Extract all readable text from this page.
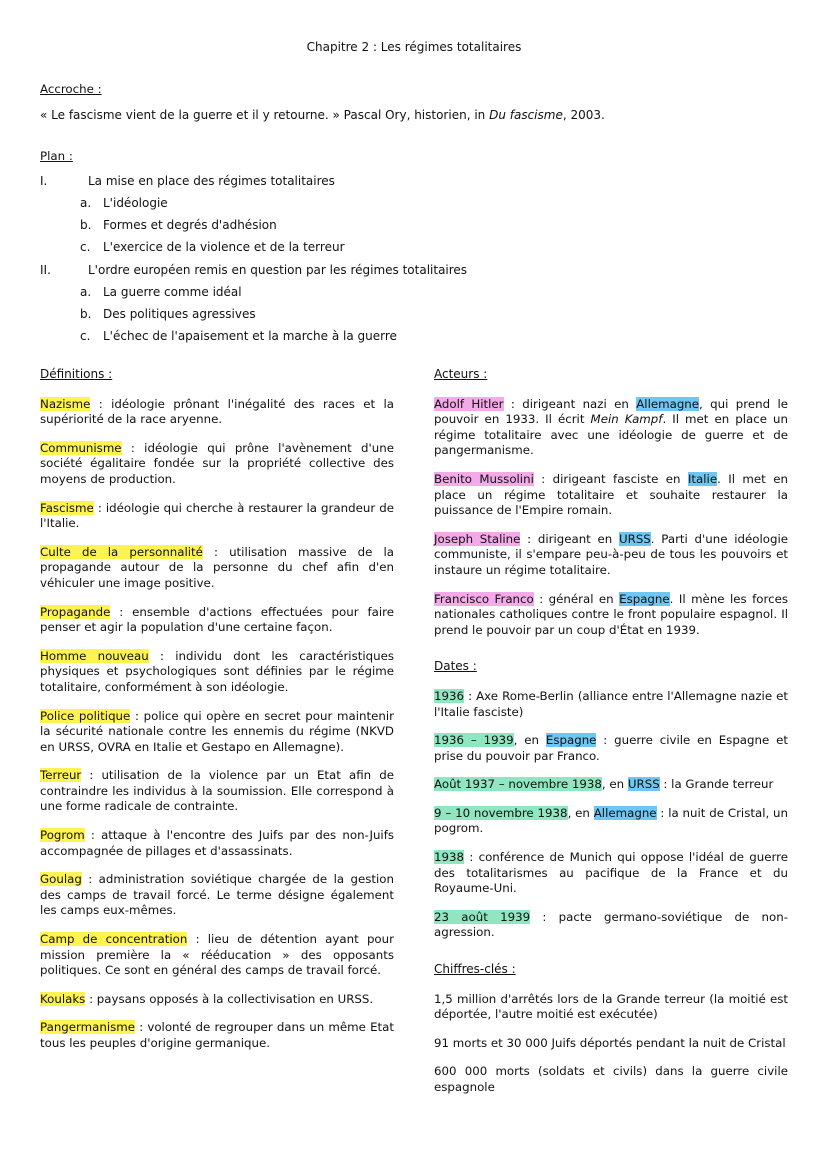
Chapitre 2 : Les régimes totalitaires
Accroche :
« Le fascisme vient de la guerre et il y retourne. » Pascal Ory, historien, in Du fascisme, 2003.
Plan :
I.	La mise en place des régimes totalitaires
a. L'idéologie
b. Formes et degrés d'adhésion
c. L'exercice de la violence et de la terreur
II.	L'ordre européen remis en question par les régimes totalitaires
a. La guerre comme idéal
b. Des politiques agressives
c. L'échec de l'apaisement et la marche à la guerre
Définitions :

Nazisme : idéologie prônant l'inégalité des races et la supériorité de la race aryenne.

Communisme : idéologie qui prône l'avènement d'une société égalitaire fondée sur la propriété collective des moyens de production.

Fascisme : idéologie qui cherche à restaurer la grandeur de l'Italie.

Culte de la personnalité : utilisation massive de la propagande autour de la personne du chef afin d'en véhiculer une image positive.

Propagande : ensemble d'actions effectuées pour faire penser et agir la population d'une certaine façon.

Homme nouveau : individu dont les caractéristiques physiques et psychologiques sont définies par le régime totalitaire, conformément à son idéologie.

Police politique : police qui opère en secret pour maintenir la sécurité nationale contre les ennemis du régime (NKVD en URSS, OVRA en Italie et Gestapo en Allemagne).

Terreur : utilisation de la violence par un Etat afin de contraindre les individus à la soumission. Elle correspond à une forme radicale de contrainte.

Pogrom : attaque à l'encontre des Juifs par des non-Juifs accompagnée de pillages et d'assassinats.

Goulag : administration soviétique chargée de la gestion des camps de travail forcé. Le terme désigne également les camps eux-mêmes.

Camp de concentration : lieu de détention ayant pour mission première la « rééducation » des opposants politiques. Ce sont en général des camps de travail forcé.

Koulaks : paysans opposés à la collectivisation en URSS.

Pangermanisme : volonté de regrouper dans un même Etat tous les peuples d'origine germanique.

Acteurs :

Adolf Hitler : dirigeant nazi en Allemagne, qui prend le pouvoir en 1933. Il écrit Mein Kampf. Il met en place un régime totalitaire avec une idéologie de guerre et de pangermanisme.

Benito Mussolini : dirigeant fasciste en Italie. Il met en place un régime totalitaire et souhaite restaurer la puissance de l'Empire romain.

Joseph Staline : dirigeant en URSS. Parti d'une idéologie communiste, il s'empare peu-à-peu de tous les pouvoirs et instaure un régime totalitaire.

Francisco Franco : général en Espagne. Il mène les forces nationales catholiques contre le front populaire espagnol. Il prend le pouvoir par un coup d'État en 1939.

Dates :

1936 : Axe Rome-Berlin (alliance entre l'Allemagne nazie et l'Italie fasciste)

1936 – 1939, en Espagne : guerre civile en Espagne et prise du pouvoir par Franco.

Août 1937 – novembre 1938, en URSS : la Grande terreur

9 – 10 novembre 1938, en Allemagne : la nuit de Cristal, un pogrom.

1938 : conférence de Munich qui oppose l'idéal de guerre des totalitarismes au pacifique de la France et du Royaume-Uni.

23 août 1939 : pacte germano-soviétique de non-agression.

Chiffres-clés :

1,5 million d'arrêtés lors de la Grande terreur (la moitié est déportée, l'autre moitié est exécutée)

91 morts et 30 000 Juifs déportés pendant la nuit de Cristal

600 000 morts (soldats et civils) dans la guerre civile espagnole
